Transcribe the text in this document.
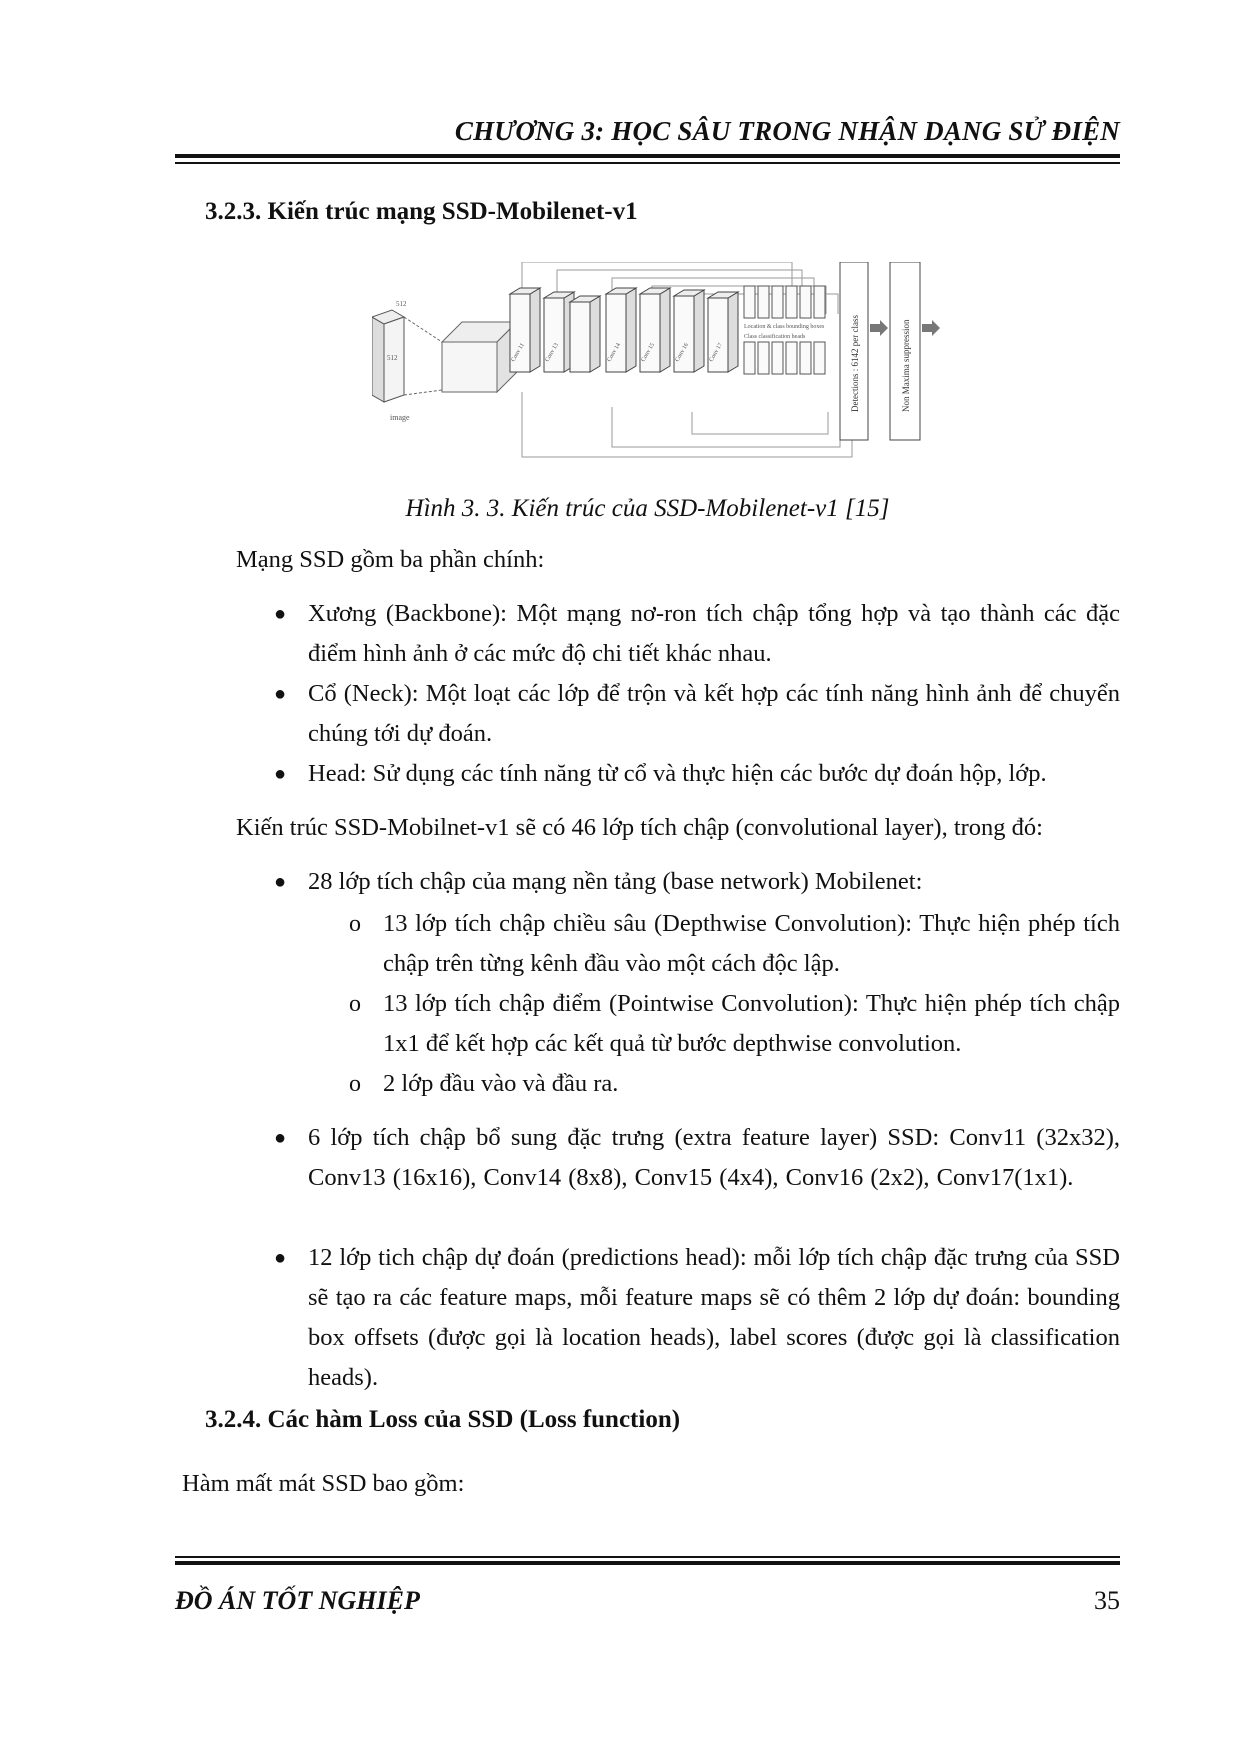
CHƯƠNG 3: HỌC SÂU TRONG NHẬN DẠNG SỬ ĐIỆN
3.2.3. Kiến trúc mạng SSD-Mobilenet-v1
512
512
image
Conv 11	Conv 13	Conv 14	Conv 15	Conv 16	Conv 17
Location & class bounding boxes
Class classification heads	Detections : 6142 per class	Non Maxima suppression
Hình 3. 3. Kiến trúc của SSD-Mobilenet-v1 [15]
Mạng SSD gồm ba phần chính:
● Xương (Backbone): Một mạng nơ-ron tích chập tổng hợp và tạo thành các đặc điểm hình ảnh ở các mức độ chi tiết khác nhau.
● Cổ (Neck): Một loạt các lớp để trộn và kết hợp các tính năng hình ảnh để chuyển chúng tới dự đoán.
● Head: Sử dụng các tính năng từ cổ và thực hiện các bước dự đoán hộp, lớp.
Kiến trúc SSD-Mobilnet-v1 sẽ có 46 lớp tích chập (convolutional layer), trong đó:
● 28 lớp tích chập của mạng nền tảng (base network) Mobilenet:
o 13 lớp tích chập chiều sâu (Depthwise Convolution): Thực hiện phép tích chập trên từng kênh đầu vào một cách độc lập.
o 13 lớp tích chập điểm (Pointwise Convolution): Thực hiện phép tích chập 1x1 để kết hợp các kết quả từ bước depthwise convolution.
o 2 lớp đầu vào và đầu ra.
● 6 lớp tích chập bổ sung đặc trưng (extra feature layer) SSD: Conv11 (32x32), Conv13 (16x16), Conv14 (8x8), Conv15 (4x4), Conv16 (2x2), Conv17(1x1).
● 12 lớp tich chập dự đoán (predictions head): mỗi lớp tích chập đặc trưng của SSD sẽ tạo ra các feature maps, mỗi feature maps sẽ có thêm 2 lớp dự đoán: bounding box offsets (được gọi là location heads), label scores (được gọi là classification heads).
3.2.4. Các hàm Loss của SSD (Loss function)
Hàm mất mát SSD bao gồm:
ĐỒ ÁN TỐT NGHIỆP	35
